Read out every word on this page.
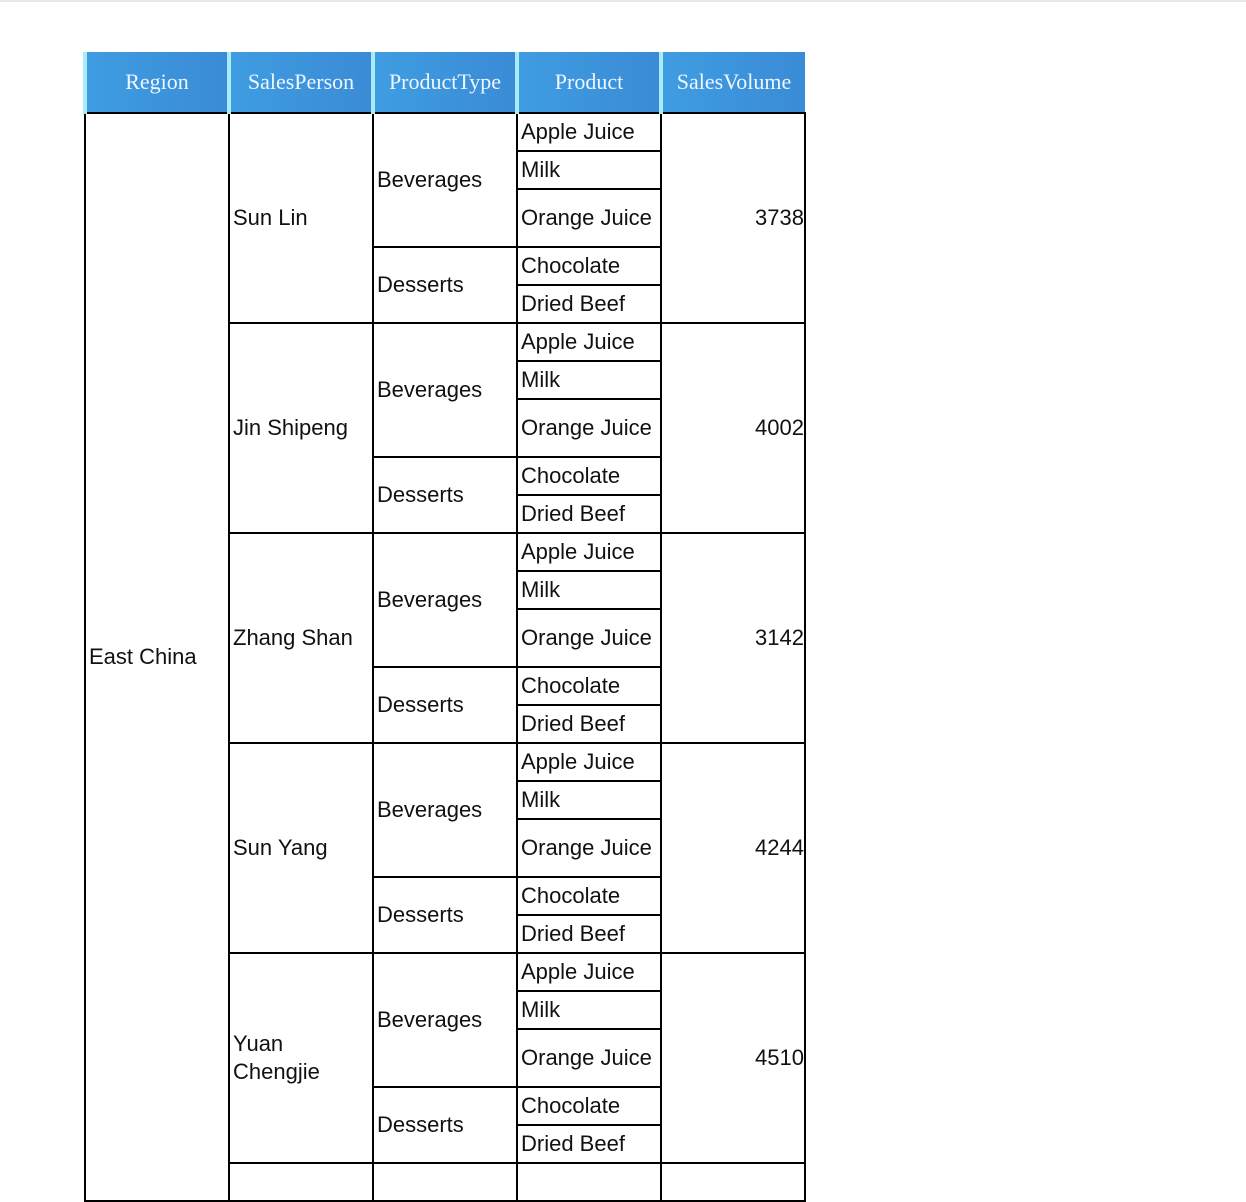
Region	SalesPerson	ProductType	Product	SalesVolume
East China	Sun Lin	Beverages	Apple Juice	3738
			Milk	
			Orange Juice	
		Desserts	Chocolate	
			Dried Beef	
	Jin Shipeng	Beverages	Apple Juice	4002
			Milk	
			Orange Juice	
		Desserts	Chocolate	
			Dried Beef	
	Zhang Shan	Beverages	Apple Juice	3142
			Milk	
			Orange Juice	
		Desserts	Chocolate	
			Dried Beef	
	Sun Yang	Beverages	Apple Juice	4244
			Milk	
			Orange Juice	
		Desserts	Chocolate	
			Dried Beef	
	Yuan Chengjie	Beverages	Apple Juice	4510
			Milk	
			Orange Juice	
		Desserts	Chocolate	
			Dried Beef	
